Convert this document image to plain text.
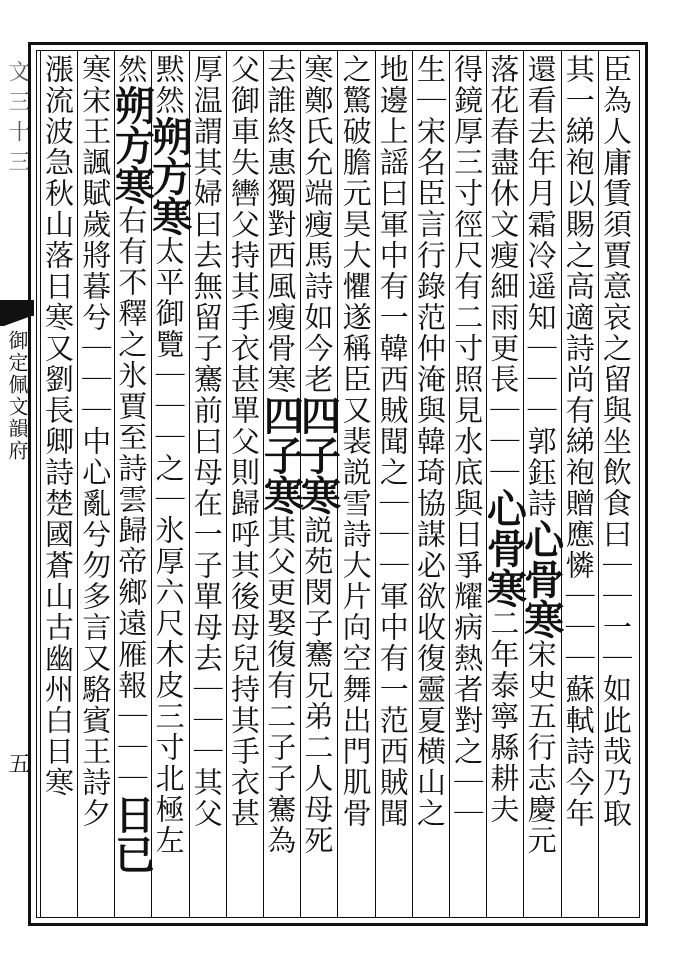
文三十三
御定佩文韻府
五	臣為人庸賃須賈意哀之留與坐飲食曰｜｜一｜如此哉乃取
其一綈袍以賜之高適詩尚有綈袍贈應憐｜｜｜蘇軾詩今年
還看去年月霜冷遥知｜｜｜郭鈺詩心骨寒宋史五行志慶元
落花春盡休文瘦細雨更長｜｜｜心骨寒二年泰寧縣耕夫
得鏡厚三寸徑尺有二寸照見水底與日爭耀病熱者對之｜｜
生｜宋名臣言行錄范仲淹與韓琦協謀必欲收復靈夏横山之
地邊上謡曰軍中有一韓西賊聞之｜｜｜軍中有一范西賊聞
之驚破膽元昊大懼遂稱臣又裴説雪詩大片向空舞出門肌骨
寒鄭氏允端瘦馬詩如今老四子寒説苑閔子騫兄弟二人母死
去誰終惠獨對西風瘦骨寒四子寒其父更娶復有二子子騫為
父御車失轡父持其手衣甚單父則歸呼其後母兒持其手衣甚
厚温謂其婦曰去無留子騫前曰母在一子單母去｜｜｜其父
黙然朔方寒太平御覽｜｜｜之｜氷厚六尺木皮三寸北極左
然朔方寒右有不釋之氷賈至詩雲歸帝鄉遠雁報｜｜｜日已
寒宋王諷賦歲將暮兮｜｜｜中心亂兮勿多言又駱賓王詩夕
漲流波急秋山落日寒又劉長卿詩楚國蒼山古幽州白日寒
